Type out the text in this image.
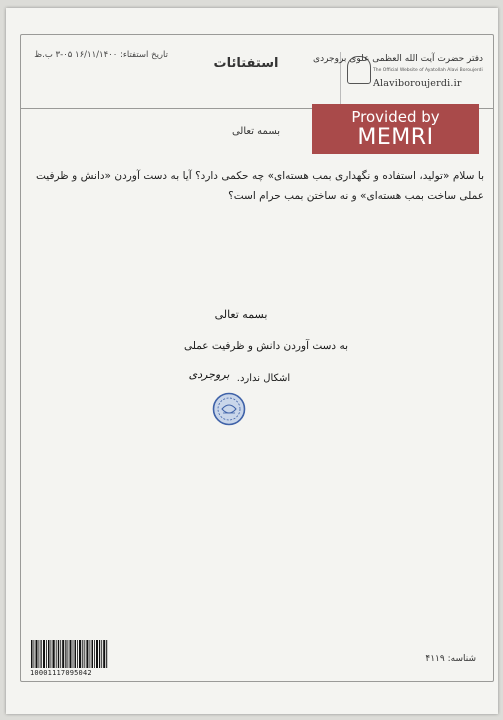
تاریخ استفتاء: ۱۶/۱۱/۱۴۰۰ ۰۵-۳ ب.ظ
استفتائات	دفتر حضرت آیت الله العظمی علوی بروجردی
The Official Website of Ayatollah Alavi Boroujerdi
Alaviboroujerdi.ir
Provided by
MEMRI
بسمه تعالی
با سلام «تولید، استفاده و نگهداری بمب هسته‌ای» چه حکمی دارد؟ آیا به دست آوردن «دانش و ظرفیت عملی ساخت بمب هسته‌ای» و نه ساختن بمب حرام است؟
بسمه تعالی
به دست آوردن دانش و ظرفیت عملی
اشکال ندارد.
بروجردی
10001117095042
شناسه: ۴۱۱۹
